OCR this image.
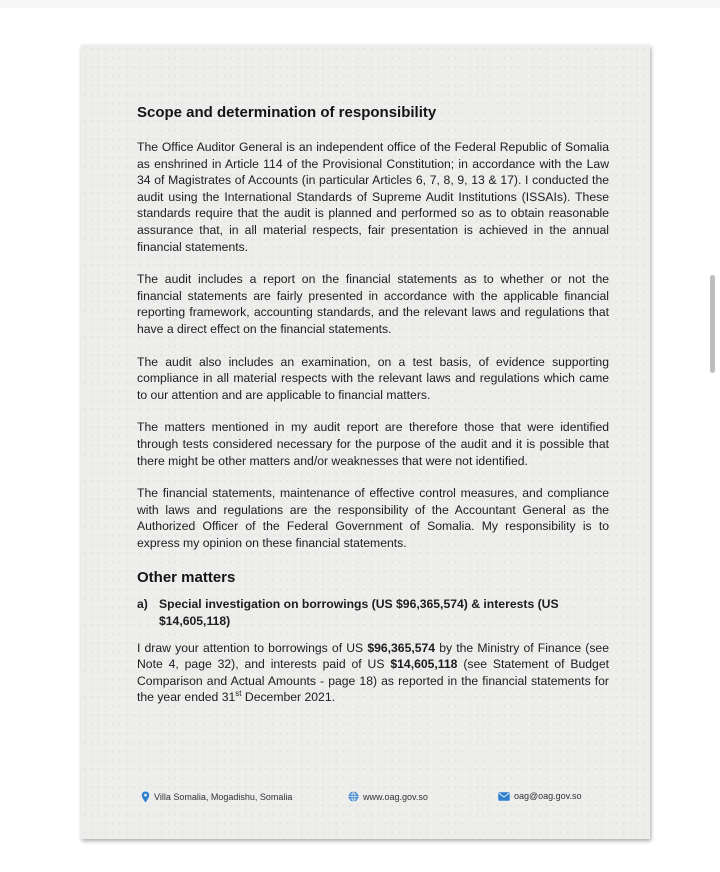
Scope and determination of responsibility

The Office Auditor General is an independent office of the Federal Republic of Somalia as enshrined in Article 114 of the Provisional Constitution; in accordance with the Law 34 of Magistrates of Accounts (in particular Articles 6, 7, 8, 9, 13 & 17). I conducted the audit using the International Standards of Supreme Audit Institutions (ISSAIs). These standards require that the audit is planned and performed so as to obtain reasonable assurance that, in all material respects, fair presentation is achieved in the annual financial statements.

The audit includes a report on the financial statements as to whether or not the financial statements are fairly presented in accordance with the applicable financial reporting framework, accounting standards, and the relevant laws and regulations that have a direct effect on the financial statements.

The audit also includes an examination, on a test basis, of evidence supporting compliance in all material respects with the relevant laws and regulations which came to our attention and are applicable to financial matters.

The matters mentioned in my audit report are therefore those that were identified through tests considered necessary for the purpose of the audit and it is possible that there might be other matters and/or weaknesses that were not identified.

The financial statements, maintenance of effective control measures, and compliance with laws and regulations are the responsibility of the Accountant General as the Authorized Officer of the Federal Government of Somalia. My responsibility is to express my opinion on these financial statements.

Other matters
a) Special investigation on borrowings (US $96,365,574) & interests (US $14,605,118)

I draw your attention to borrowings of US $96,365,574 by the Ministry of Finance (see Note 4, page 32), and interests paid of US $14,605,118 (see Statement of Budget Comparison and Actual Amounts - page 18) as reported in the financial statements for the year ended 31st December 2021.

Villa Somalia, Mogadishu, Somalia	www.oag.gov.so	oag@oag.gov.so
